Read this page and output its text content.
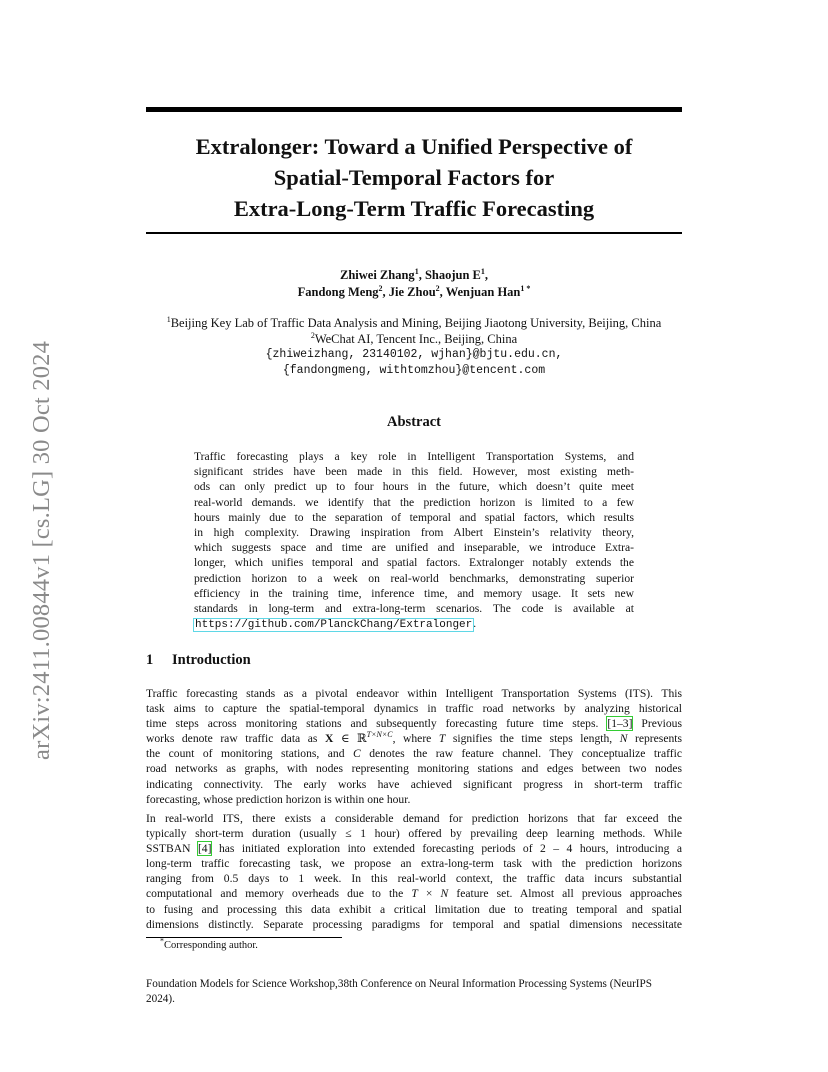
arXiv:2411.00844v1 [cs.LG] 30 Oct 2024
Extralonger: Toward a Unified Perspective of
Spatial-Temporal Factors for
Extra-Long-Term Traffic Forecasting
Zhiwei Zhang$^1$, Shaojun $E^1$,
Fandong Meng$^2$, Jie Zhou$^2$, Wenjuan Han$^{1 *}$
$^1$Beijing Key Lab of Traffic Data Analysis and Mining, Beijing Jiaotong University, Beijing, China
$^2$WeChat AI, Tencent Inc., Beijing, China
{zhiweizhang, 23140102, wjhan}@bjtu.edu.cn,
{fandongmeng, withtomzhou}@tencent.com
Abstract
Traffic forecasting plays a key role in Intelligent Transportation Systems, and
significant strides have been made in this field. However, most existing meth-
ods can only predict up to four hours in the future, which doesn’t quite meet
real-world demands. we identify that the prediction horizon is limited to a few
hours mainly due to the separation of temporal and spatial factors, which results
in high complexity. Drawing inspiration from Albert Einstein’s relativity theory,
which suggests space and time are unified and inseparable, we introduce Extra-
longer, which unifies temporal and spatial factors. Extralonger notably extends the
prediction horizon to a week on real-world benchmarks, demonstrating superior
efficiency in the training time, inference time, and memory usage. It sets new
standards in long-term and extra-long-term scenarios. The code is available at
https://github.com/PlanckChang/Extralonger.
1 Introduction
Traffic forecasting stands as a pivotal endeavor within Intelligent Transportation Systems (ITS). This
task aims to capture the spatial-temporal dynamics in traffic road networks by analyzing historical
time steps across monitoring stations and subsequently forecasting future time steps. [1–3] Previous
works denote raw traffic data as X ∈ ℝ$^{T\times N\times C}$, where T signifies the time steps length, N represents
the count of monitoring stations, and C denotes the raw feature channel. They conceptualize traffic
road networks as graphs, with nodes representing monitoring stations and edges between two nodes
indicating connectivity. The early works have achieved significant progress in short-term traffic
forecasting, whose prediction horizon is within one hour.
In real-world ITS, there exists a considerable demand for prediction horizons that far exceed the
typically short-term duration (usually ≤ 1 hour) offered by prevailing deep learning methods. While
SSTBAN [4] has initiated exploration into extended forecasting periods of 2 – 4 hours, introducing a
long-term traffic forecasting task, we propose an extra-long-term task with the prediction horizons
ranging from 0.5 days to 1 week. In this real-world context, the traffic data incurs substantial
computational and memory overheads due to the T × N feature set. Almost all previous approaches
to fusing and processing this data exhibit a critical limitation due to treating temporal and spatial
dimensions distinctly. Separate processing paradigms for temporal and spatial dimensions necessitate
*Corresponding author.
Foundation Models for Science Workshop,38th Conference on Neural Information Processing Systems (NeurIPS 2024).
